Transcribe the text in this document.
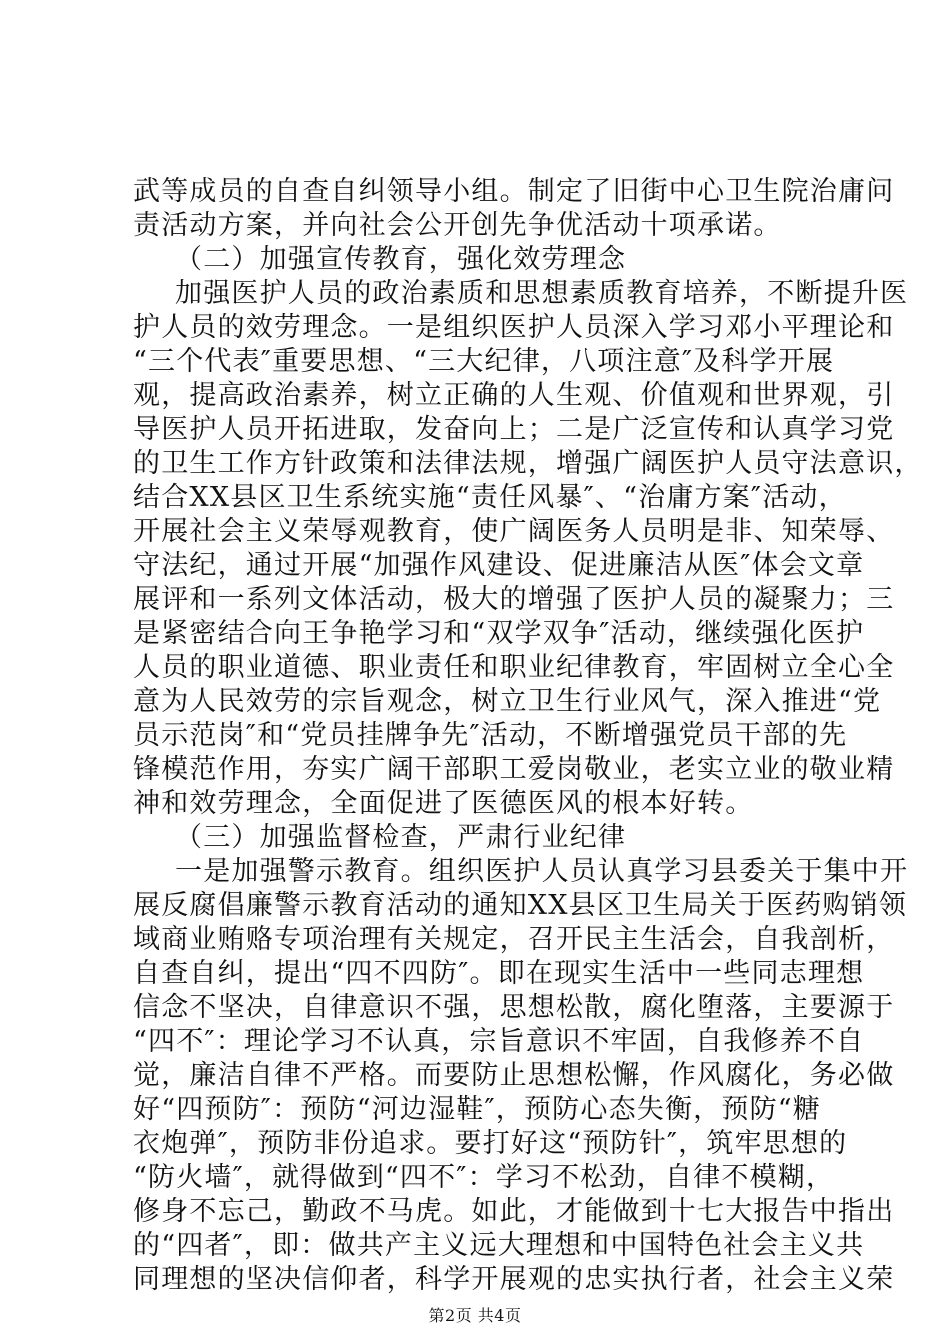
武等成员的自查自纠领导小组。制定了旧街中心卫生院治庸问
责活动方案，并向社会公开创先争优活动十项承诺。
（二）加强宣传教育，强化效劳理念
加强医护人员的政治素质和思想素质教育培养，不断提升医
护人员的效劳理念。一是组织医护人员深入学习邓小平理论和
“三个代表″重要思想、“三大纪律，八项注意″及科学开展
观，提高政治素养，树立正确的人生观、价值观和世界观，引
导医护人员开拓进取，发奋向上；二是广泛宣传和认真学习党
的卫生工作方针政策和法律法规，增强广阔医护人员守法意识，
结合XX县区卫生系统实施“责任风暴″、“治庸方案″活动，
开展社会主义荣辱观教育，使广阔医务人员明是非、知荣辱、
守法纪，通过开展“加强作风建设、促进廉洁从医″体会文章
展评和一系列文体活动，极大的增强了医护人员的凝聚力；三
是紧密结合向王争艳学习和“双学双争″活动，继续强化医护
人员的职业道德、职业责任和职业纪律教育，牢固树立全心全
意为人民效劳的宗旨观念，树立卫生行业风气，深入推进“党
员示范岗″和“党员挂牌争先″活动，不断增强党员干部的先
锋模范作用，夯实广阔干部职工爱岗敬业，老实立业的敬业精
神和效劳理念，全面促进了医德医风的根本好转。
（三）加强监督检查，严肃行业纪律
一是加强警示教育。组织医护人员认真学习县委关于集中开
展反腐倡廉警示教育活动的通知XX县区卫生局关于医药购销领
域商业贿赂专项治理有关规定，召开民主生活会，自我剖析，
自查自纠，提出“四不四防″。即在现实生活中一些同志理想
信念不坚决，自律意识不强，思想松散，腐化堕落，主要源于
“四不″：理论学习不认真，宗旨意识不牢固，自我修养不自
觉，廉洁自律不严格。而要防止思想松懈，作风腐化，务必做
好“四预防″：预防“河边湿鞋″，预防心态失衡，预防“糖
衣炮弹″，预防非份追求。要打好这“预防针″，筑牢思想的
“防火墙″，就得做到“四不″：学习不松劲，自律不模糊，
修身不忘己，勤政不马虎。如此，才能做到十七大报告中指出
的“四者″，即：做共产主义远大理想和中国特色社会主义共
同理想的坚决信仰者，科学开展观的忠实执行者，社会主义荣
第2页 共4页
